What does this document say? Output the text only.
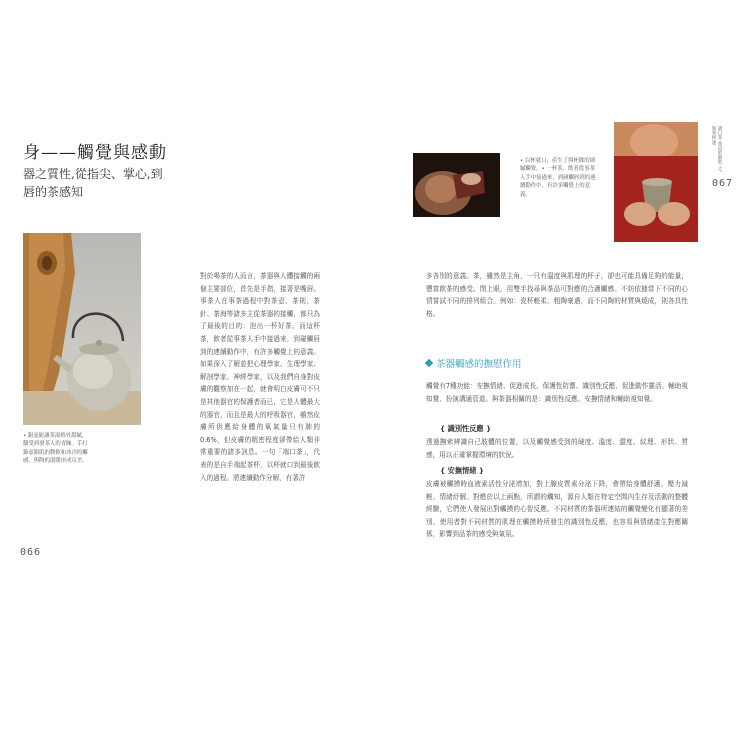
身——觸覺與感動
器之質性,從指尖、掌心,到唇的茶感知
• 銀壺能讓茶湯格外甜膩，鵝受到發茶人的青睞。手打錦壺銀肌的微軟和冰冷的觸感，與陶的溫暖形成反差。
對於喝茶的人而言，茶器與人體接觸的兩個主要部位，首先是手指，接著是嘴唇。事茶人在事茶過程中對茶壺、茶則、茶針、茶海等諸多主從茶器的接觸，都只為了最後的目的：泡出一杯好茶。而這杯茶，飲者從事茶人手中接過來，到碰觸唇到的連續動作中，有許多觸覺上的意義。如果深入了解並把心理學家、生理學家、解剖學家、神經學家，以及我們自身對皮膚的觀察加在一起，就會明白皮膚可不只是其他器官的保護者而已，它是人體最大的器官，而且是最大的呼吸器官，雖然皮膚所供應給身體的氧氣量只有肺的0.6%，但皮膚的精密程度卻帶給人類非常重要的諸多訊息。一句「端口茶」，代表的是自手端起茶杯，以杯就口到最後飲入的過程。將連續動作分解，有著許
066
• 以杯就口，產生了與杯緣的細膩觸覺。• 一杯茶，飲者從事茶人手中接過來，到碰觸唇到的連續動作中，有許多觸覺上的意義。
讀口茶·茶道的藝術·之·與茶相逢
067
多各別的意義。茶，雖然是主角，一只有溫度與肌理的杯子，卻也可能具備足夠的能量，豐富飲茶的感受。閉上眼，用雙手找尋與茶品可對應的合適觸感。不妨依據當下不同的心情嘗試不同的排列組合。例如：瓷杯輕柔、粗陶豪邁，而不同陶的材質與燒成，則各具性格。
茶器觸感的撫慰作用
觸覺有7種功能：安撫情緒、促進成長、保護性防禦、識別性反應、促進動作靈活、輔助視知覺、扮演溝通管道。與茶器相關的是：識別性反應、安撫情緒和輔助視知覺。
{ 識別性反應 }
透過撫索辨識自己肢體的位置，以及觸覺感受到的硬度、溫度、澀度、紋理、形狀、質感，用以正確掌握環境的狀況。
{ 安撫情緒 }
皮膚被觸摸時血液素活性分泌增加，對上腺皮質素分泌下降，會帶給身體舒適、壓力減輕、情緒紓解。對應於以上兩點，所謂的觸知，源自人類在特定空間內生存及活動的整體經驗，它們使人發展出對觸摸的心智反應。不同材質的茶器所連結的觸覺變化有顯著的差別，使用者對不同材質的肌理在觸摸時所發生的識別性反應，也容易與情緒產生對應關係，影響到品茶的感受與氣氛。
